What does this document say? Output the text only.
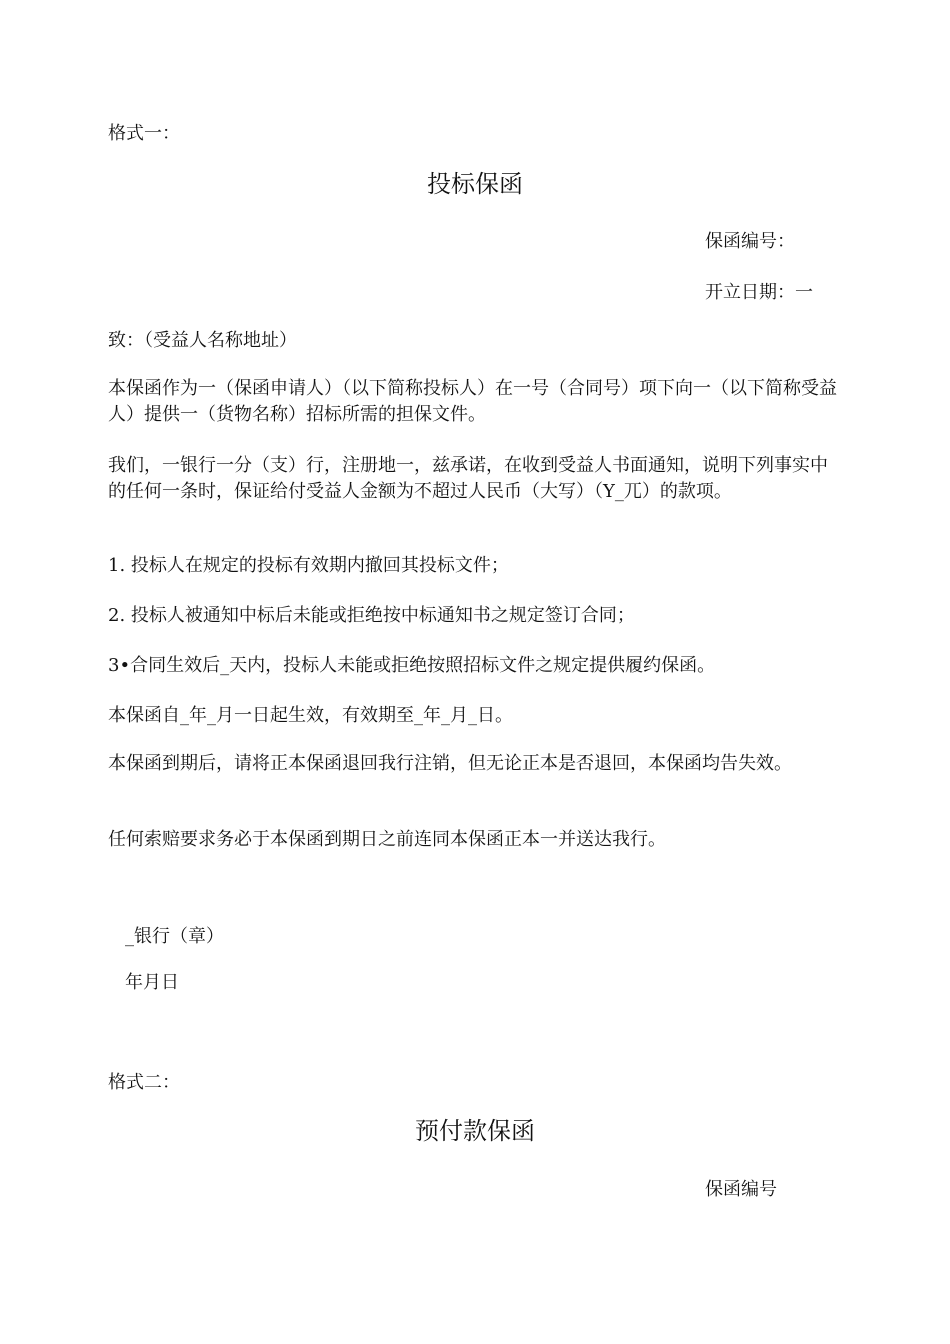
格式一：
投标保函
保函编号：
开立日期：一
致：（受益人名称地址）
本保函作为一（保函申请人）（以下简称投标人）在一号（合同号）项下向一（以下简称受益人）提供一（货物名称）招标所需的担保文件。
我们，一银行一分（支）行，注册地一，兹承诺，在收到受益人书面通知，说明下列事实中的任何一条时，保证给付受益人金额为不超过人民币（大写）（Y_兀）的款项。
1. 投标人在规定的投标有效期内撤回其投标文件；
2. 投标人被通知中标后未能或拒绝按中标通知书之规定签订合同；
3•合同生效后_天内，投标人未能或拒绝按照招标文件之规定提供履约保函。
本保函自_年_月一日起生效，有效期至_年_月_日。
本保函到期后，请将正本保函退回我行注销，但无论正本是否退回，本保函均告失效。
任何索赔要求务必于本保函到期日之前连同本保函正本一并送达我行。
_银行（章）
年月日
格式二：
预付款保函
保函编号
